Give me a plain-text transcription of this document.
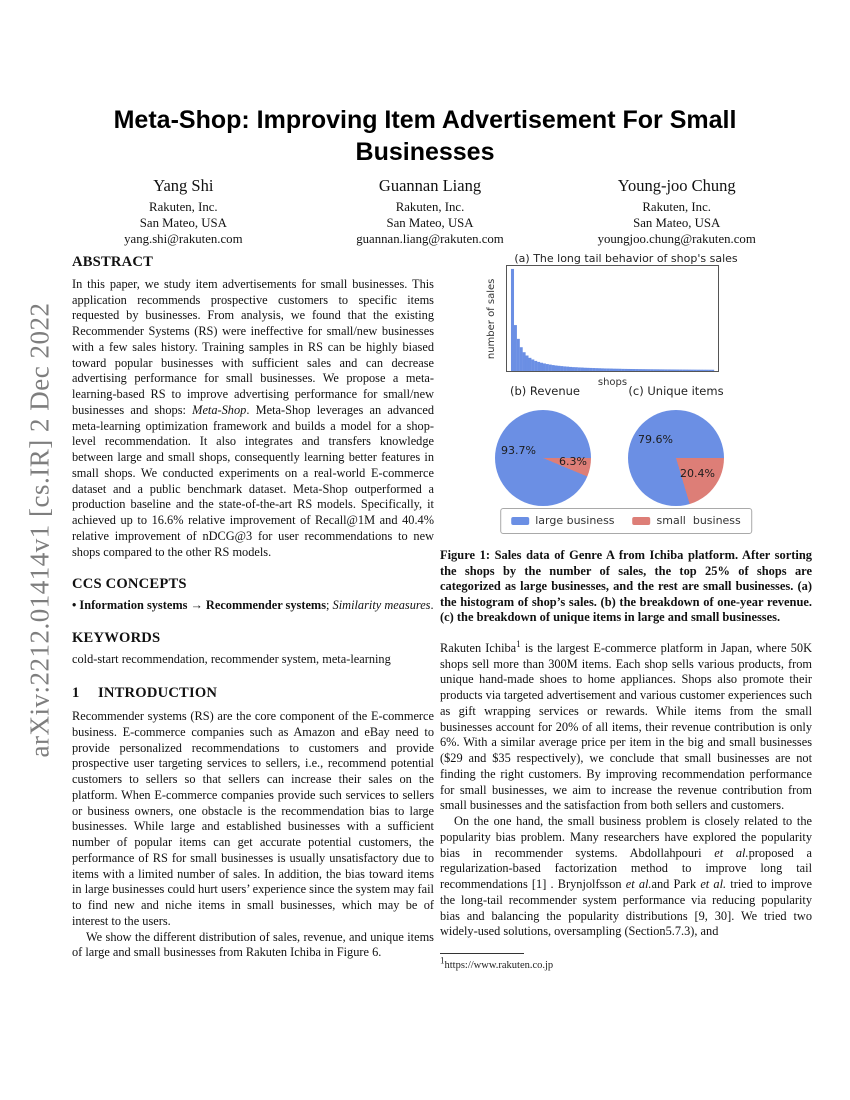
arXiv:2212.01414v1 [cs.IR] 2 Dec 2022
Meta-Shop: Improving Item Advertisement For Small
Businesses
Yang Shi
Rakuten, Inc.
San Mateo, USA
yang.shi@rakuten.com
Guannan Liang
Rakuten, Inc.
San Mateo, USA
guannan.liang@rakuten.com
Young-joo Chung
Rakuten, Inc.
San Mateo, USA
youngjoo.chung@rakuten.com
ABSTRACT

In this paper, we study item advertisements for small businesses. This application recommends prospective customers to specific items requested by businesses. From analysis, we found that the existing Recommender Systems (RS) were ineffective for small/new businesses with a few sales history. Training samples in RS can be highly biased toward popular businesses with sufficient sales and can decrease advertising performance for small businesses. We propose a meta-learning-based RS to improve advertising performance for small/new businesses and shops: Meta-Shop. Meta-Shop leverages an advanced meta-learning optimization framework and builds a model for a shop-level recommendation. It also integrates and transfers knowledge between large and small shops, consequently learning better features in small shops. We conducted experiments on a real-world E-commerce dataset and a public benchmark dataset. Meta-Shop outperformed a production baseline and the state-of-the-art RS models. Specifically, it achieved up to 16.6% relative improvement of Recall@1M and 40.4% relative improvement of nDCG@3 for user recommendations to new shops compared to the other RS models.

CCS CONCEPTS

• Information systems → Recommender systems; Similarity measures.

KEYWORDS

cold-start recommendation, recommender system, meta-learning

1 INTRODUCTION

Recommender systems (RS) are the core component of the E-commerce business. E-commerce companies such as Amazon and eBay need to provide personalized recommendations to customers and provide prospective user targeting services to sellers, i.e., recommend potential customers to sellers so that sellers can increase their sales on the platform. When E-commerce companies provide such services to sellers or business owners, one obstacle is the recommendation bias to large businesses. While large and established businesses with a sufficient number of popular items can get accurate potential customers, the performance of RS for small businesses is usually unsatisfactory due to items with a limited number of sales. In addition, the bias toward items in large businesses could hurt users’ experience since the system may fail to find new and niche items in small businesses, which may be of interest to the users.

We show the different distribution of sales, revenue, and unique items of large and small businesses from Rakuten Ichiba in Figure 6.

(a) The long tail behavior of shop's sales
number of sales
shops
(b) Revenue	(c) Unique items
93.7%
6.3%
79.6%
20.4%
large business	small  business
Figure 1: Sales data of Genre A from Ichiba platform. After sorting the shops by the number of sales, the top 25% of shops are categorized as large businesses, and the rest are small businesses. (a) the histogram of shop’s sales. (b) the breakdown of one-year revenue. (c) the breakdown of unique items in large and small businesses.

Rakuten Ichiba$^1$ is the largest E-commerce platform in Japan, where 50K shops sell more than 300M items. Each shop sells various products, from unique hand-made shoes to home appliances. Shops also promote their products via targeted advertisement and various customer experiences such as gift wrapping services or rewards. While items from the small businesses account for 20% of all items, their revenue contribution is only 6%. With a similar average price per item in the big and small businesses ($29 and $35 respectively), we conclude that small businesses are not finding the right customers. By improving recommendation performance for small businesses, we aim to increase the revenue contribution from small businesses and the satisfaction from both sellers and customers.

On the one hand, the small business problem is closely related to the popularity bias problem. Many researchers have explored the popularity bias in recommender systems. Abdollahpouri et al.proposed a regularization-based factorization method to improve long tail recommendations [1] . Brynjolfsson et al.and Park et al. tried to improve the long-tail recommender system performance via reducing popularity bias and balancing the popularity distributions [9, 30]. We tried two widely-used solutions, oversampling (Section5.7.3), and

$^1$https://www.rakuten.co.jp
